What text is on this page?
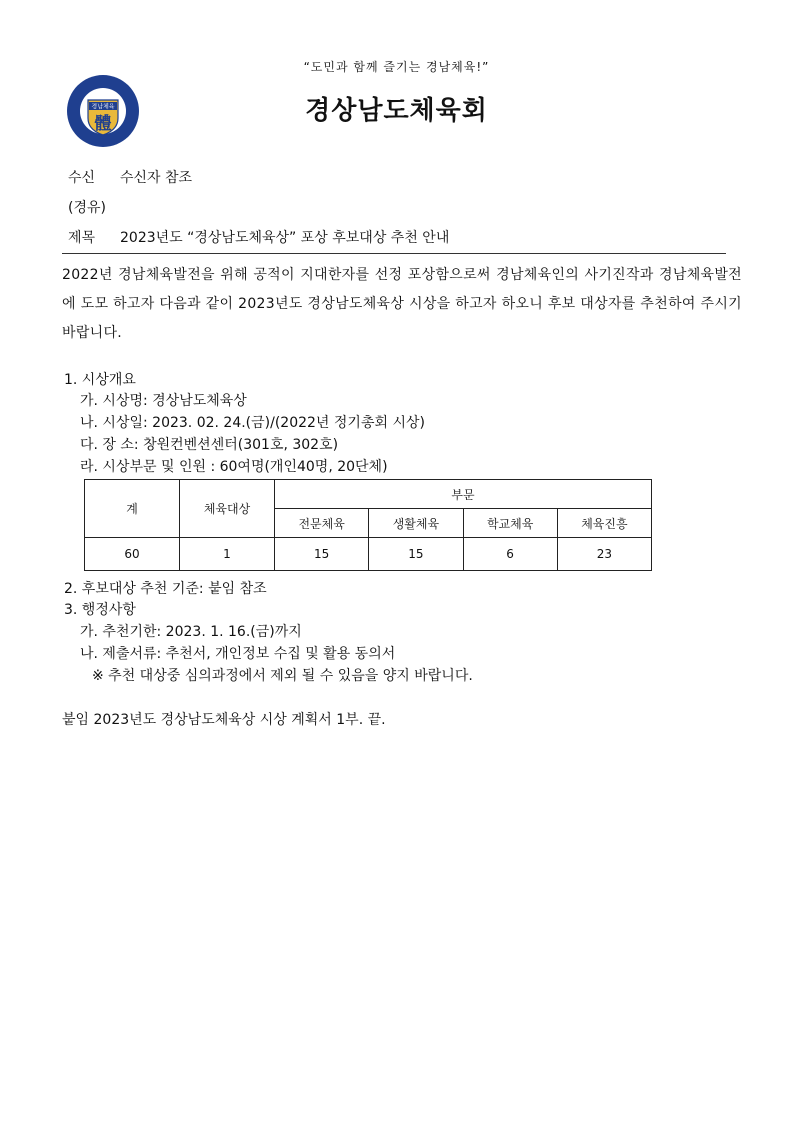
“도민과 함께 즐기는 경남체육!”
경남체육
體	경상남도체육회
수신 수신자 참조
(경유)
제목 2023년도 “경상남도체육상” 포상 후보대상 추천 안내
2022년 경남체육발전을 위해 공적이 지대한자를 선정 포상함으로써 경남체육인의 사기진작과 경남체육발전에 도모 하고자 다음과 같이 2023년도 경상남도체육상 시상을 하고자 하오니 후보 대상자를 추천하여 주시기 바랍니다.
1. 시상개요
가. 시상명: 경상남도체육상
나. 시상일: 2023. 02. 24.(금)/(2022년 정기총회 시상)
다. 장 소: 창원컨벤션센터(301호, 302호)
라. 시상부문 및 인원 : 60여명(개인40명, 20단체)
계	체육대상	부문			
		전문체육	생활체육	학교체육	체육진흥
60	1	15	15	6	23
2. 후보대상 추천 기준: 붙임 참조
3. 행정사항
가. 추천기한: 2023. 1. 16.(금)까지
나. 제출서류: 추천서, 개인정보 수집 및 활용 동의서
※ 추천 대상중 심의과정에서 제외 될 수 있음을 양지 바랍니다.
붙임 2023년도 경상남도체육상 시상 계획서 1부. 끝.
